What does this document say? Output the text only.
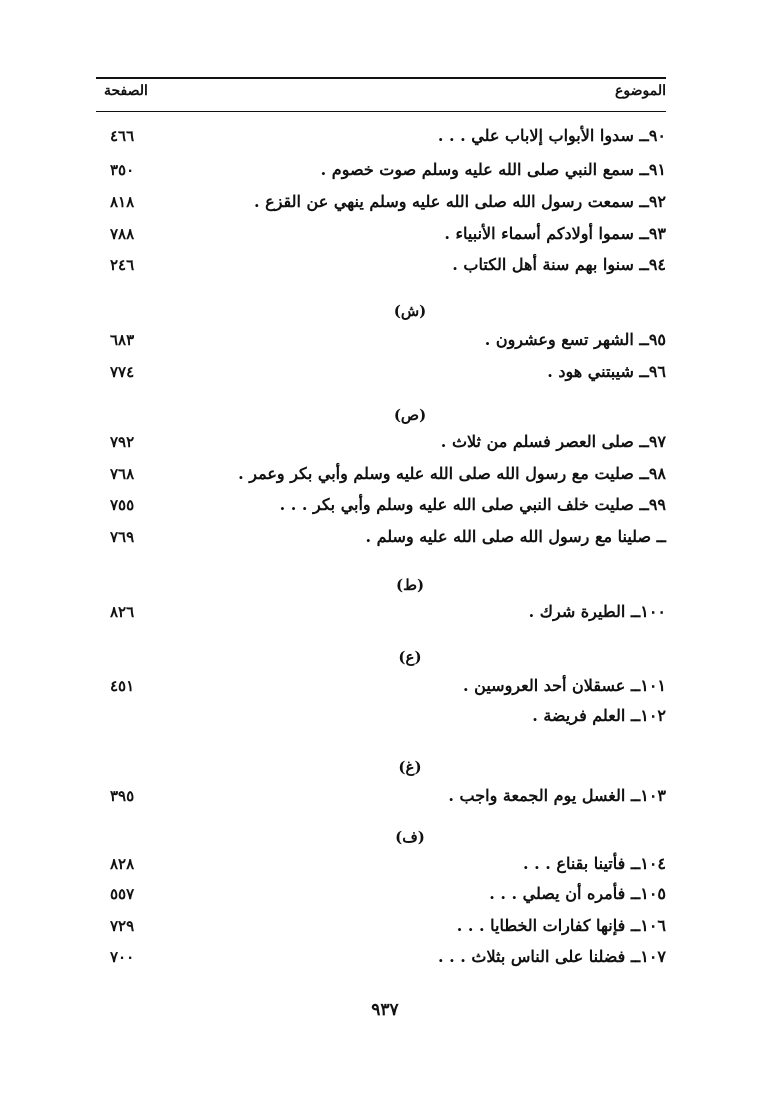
الموضوع
الصفحة
٩٠ــ سدوا الأبواب إلاباب علي . . .
٤٦٦
٩١ــ سمع النبي صلى الله عليه وسلم صوت خصوم .
٣٥٠
٩٢ــ سمعت رسول الله صلى الله عليه وسلم ينهي عن القزع .
٨١٨
٩٣ــ سموا أولادكم أسماء الأنبياء .
٧٨٨
٩٤ــ سنوا بهم سنة أهل الكتاب .
٢٤٦
(ش)
٩٥ــ الشهر تسع وعشرون .
٦٨٣
٩٦ــ شيبتني هود .
٧٧٤
(ص)
٩٧ــ صلى العصر فسلم من ثلاث .
٧٩٢
٩٨ــ صليت مع رسول الله صلى الله عليه وسلم وأبي بكر وعمر .
٧٦٨
٩٩ــ صليت خلف النبي صلى الله عليه وسلم وأبي بكر . . .
٧٥٥
ــ صلينا مع رسول الله صلى الله عليه وسلم .
٧٦٩
(ط)
١٠٠ــ الطيرة شرك .
٨٢٦
(ع)
١٠١ــ عسقلان أحد العروسين .
٤٥١
١٠٢ــ العلم فريضة .
(غ)
١٠٣ــ الغسل يوم الجمعة واجب .
٣٩٥
(ف)
١٠٤ــ فأتينا بقناع . . .
٨٢٨
١٠٥ــ فأمره أن يصلي . . .
٥٥٧
١٠٦ــ فإنها كفارات الخطايا . . .
٧٢٩
١٠٧ــ فضلنا على الناس بثلاث . . .
٧٠٠
٩٣٧
